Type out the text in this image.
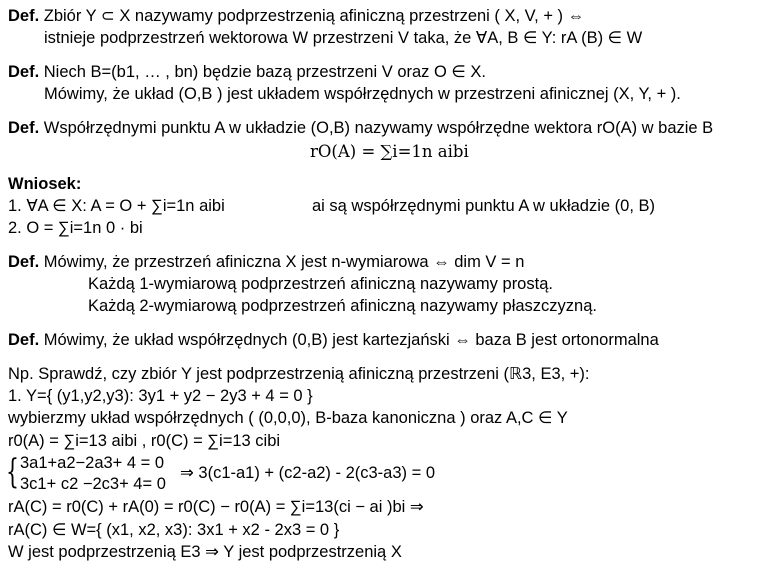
Def. Zbiór Y ⊂ X nazywamy podprzestrzenią afiniczną przestrzeni ( X, V, + ) ⇔
istnieje podprzestrzeń wektorowa W przestrzeni V taka, że ∀A, B ∈ Y: rA (B) ∈ W
Def. Niech B=(b1, … , bn) będzie bazą przestrzeni V oraz O ∈ X.
Mówimy, że układ (O,B ) jest układem współrzędnych w przestrzeni afinicznej (X, Y, + ).
Def. Współrzędnymi punktu A w układzie (O,B) nazywamy współrzędne wektora rO(A) w bazie B
rO(A) = ∑i=1n aibi
Wniosek:
1. ∀A ∈ X: A = O + ∑i=1n aibi	ai są współrzędnymi punktu A w układzie (0, B)
2. O = ∑i=1n 0 · bi
Def. Mówimy, że przestrzeń afiniczna X jest n-wymiarowa ⇔ dim V = n
Każdą 1-wymiarową podprzestrzeń afiniczną nazywamy prostą.
Każdą 2-wymiarową podprzestrzeń afiniczną nazywamy płaszczyzną.
Def. Mówimy, że układ współrzędnych (0,B) jest kartezjański ⇔ baza B jest ortonormalna
Np. Sprawdź, czy zbiór Y jest podprzestrzenią afiniczną przestrzeni (ℝ3, E3, +):
1. Y={ (y1,y2,y3): 3y1 + y2 − 2y3 + 4 = 0 }
wybierzmy układ współrzędnych ( (0,0,0), B-baza kanoniczna ) oraz A,C ∈ Y
r0(A) = ∑i=13 aibi , r0(C) = ∑i=13 cibi
{ 3a1+a2−2a3+ 4 = 0
3c1+ c2 −2c3+ 4= 0
⇒ 3(c1-a1) + (c2-a2) - 2(c3-a3) = 0
rA(C) = r0(C) + rA(0) = r0(C) − r0(A) = ∑i=13(ci − ai )bi ⇒
rA(C) ∈ W={ (x1, x2, x3): 3x1 + x2 - 2x3 = 0 }
W jest podprzestrzenią E3 ⇒ Y jest podprzestrzenią X
